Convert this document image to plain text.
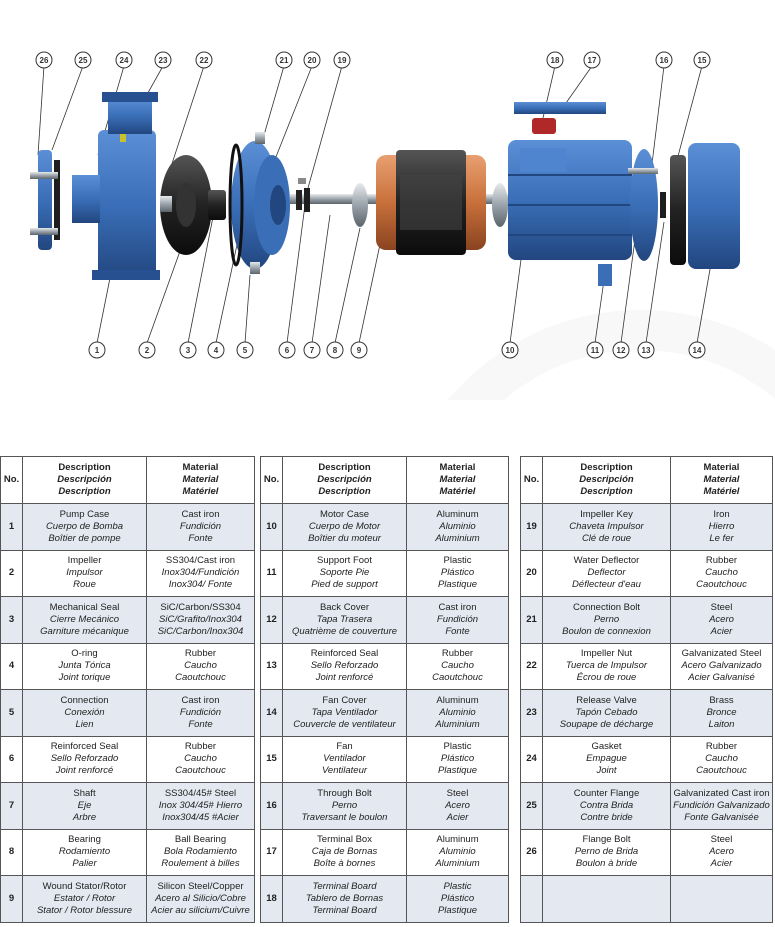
26	25	24	23	22	21 20	19	18	17	16	15
1	2	3	4	5	6	7 8 9	10	11 12 13	14
No.	Description
Descripción
Description	Material
Material
Matériel

1	Pump Case
Cuerpo de Bomba
Boîtier de pompe	Cast iron
Fundición
Fonte

2	Impeller
Impulsor
Roue	SS304/Cast iron
Inox304/Fundición
Inox304/ Fonte

3	Mechanical Seal
Cierre Mecánico
Garniture mécanique	SiC/Carbon/SS304
SiC/Grafito/Inox304
SiC/Carbon/Inox304

4	O-ring
Junta Tórica
Joint torique	Rubber
Caucho
Caoutchouc

5	Connection
Conexión
Lien	Cast iron
Fundición
Fonte

6	Reinforced Seal
Sello Reforzado
Joint renforcé	Rubber
Caucho
Caoutchouc

7	Shaft
Eje
Arbre	SS304/45# Steel
Inox 304/45# Hierro
Inox304/45 #Acier

8	Bearing
Rodamiento
Palier	Ball Bearing
Bola Rodamiento
Roulement à billes

9	Wound Stator/Rotor
Estator / Rotor
Stator / Rotor blessure	Silicon Steel/Copper
Acero al Silicio/Cobre
Acier au silicium/Cuivre
No.	Description
Descripción
Description	Material
Material
Matériel

10	Motor Case
Cuerpo de Motor
Boîtier du moteur	Aluminum
Aluminio
Aluminium

11	Support Foot
Soporte Pie
Pied de support	Plastic
Plástico
Plastique

12	Back Cover
Tapa Trasera
Quatrième de couverture	Cast iron
Fundición
Fonte

13	Reinforced Seal
Sello Reforzado
Joint renforcé	Rubber
Caucho
Caoutchouc

14	Fan Cover
Tapa Ventilador
Couvercle de ventilateur	Aluminum
Aluminio
Aluminium

15	Fan
Ventilador
Ventilateur	Plastic
Plástico
Plastique

16	Through Bolt
Perno
Traversant le boulon	Steel
Acero
Acier

17	Terminal Box
Caja de Bornas
Boîte à bornes	Aluminum
Aluminio
Aluminium

18	Terminal Board
Tablero de Bornas
Terminal Board	Plastic
Plástico
Plastique
No.	Description
Descripción
Description	Material
Material
Matériel

19	Impeller Key
Chaveta Impulsor
Clé de roue	Iron
Hierro
Le fer

20	Water Deflector
Deflector
Déflecteur d'eau	Rubber
Caucho
Caoutchouc

21	Connection Bolt
Perno
Boulon de connexion	Steel
Acero
Acier

22	Impeller Nut
Tuerca de Impulsor
Écrou de roue	Galvanizated Steel
Acero Galvanizado
Acier Galvanisé

23	Release Valve
Tapón Cebado
Soupape de décharge	Brass
Bronce
Laiton

24	Gasket
Empague
Joint	Rubber
Caucho
Caoutchouc

25	Counter Flange
Contra Brida
Contre bride	Galvanizated Cast iron
Fundición Galvanizado
Fonte Galvanisée

26	Flange Bolt
Perno de Brida
Boulon à bride	Steel
Acero
Acier
